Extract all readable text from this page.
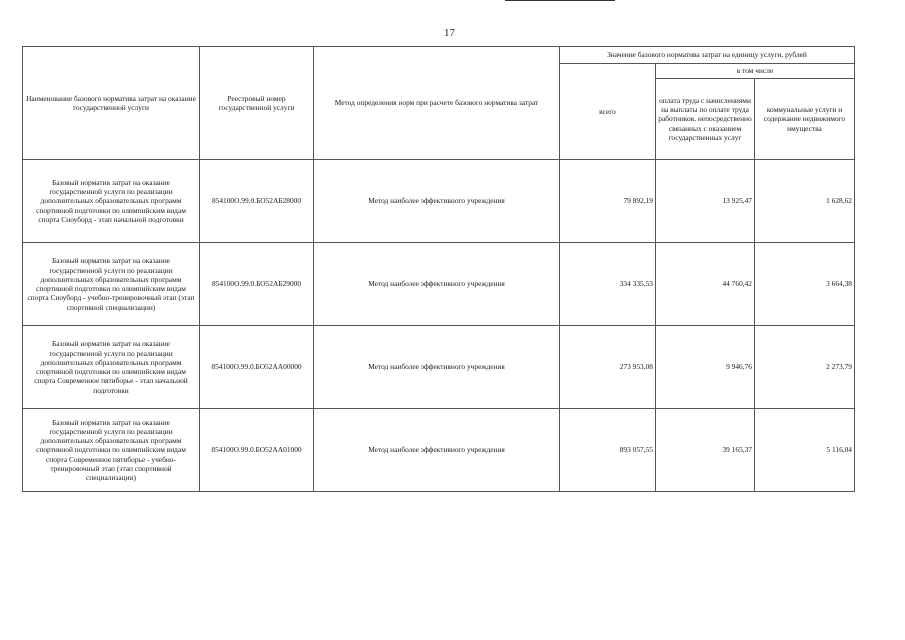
17
Наименование базового норматива затрат на оказание государственной услуги	Реестровый номер государственной услуги	Метод определения норм при расчете базового норматива затрат	Значение базового норматива затрат на единицу услуги, рублей		
			всего	в том числе	
				оплата труда с начислениями на выплаты по оплате труда работников, непосредственно связанных с оказанием государственных услуг	коммунальные услуги и содержание недвижимого имущества
Базовый норматив затрат на оказание государственной услуги по реализации дополнительных образовательных программ спортивной подготовки по олимпийским видам спорта Сноуборд - этап начальной подготовки	854100О.99.0.БО52АБ28000	Метод наиболее эффективного учреждения	79 892,19	13 925,47	1 628,62
Базовый норматив затрат на оказание государственной услуги по реализации дополнительных образовательных программ спортивной подготовки по олимпийским видам спорта Сноуборд - учебно-тренировочный этап (этап спортивной специализации)	854100О.99.0.БО52АБ29000	Метод наиболее эффективного учреждения	334 335,53	44 760,42	3 664,38
Базовый норматив затрат на оказание государственной услуги по реализации дополнительных образовательных программ спортивной подготовки по олимпийским видам спорта Современное пятиборье - этап начальной подготовки	854100О.99.0.БО52АА00000	Метод наиболее эффективного учреждения	273 953,08	9 946,76	2 273,79
Базовый норматив затрат на оказание государственной услуги по реализации дополнительных образовательных программ спортивной подготовки по олимпийским видам спорта Современное пятиборье - учебно-тренировочный этап (этап спортивной специализации)	854100О.99.0.БО52АА01000	Метод наиболее эффективного учреждения	893 057,55	39 165,37	5 116,04
